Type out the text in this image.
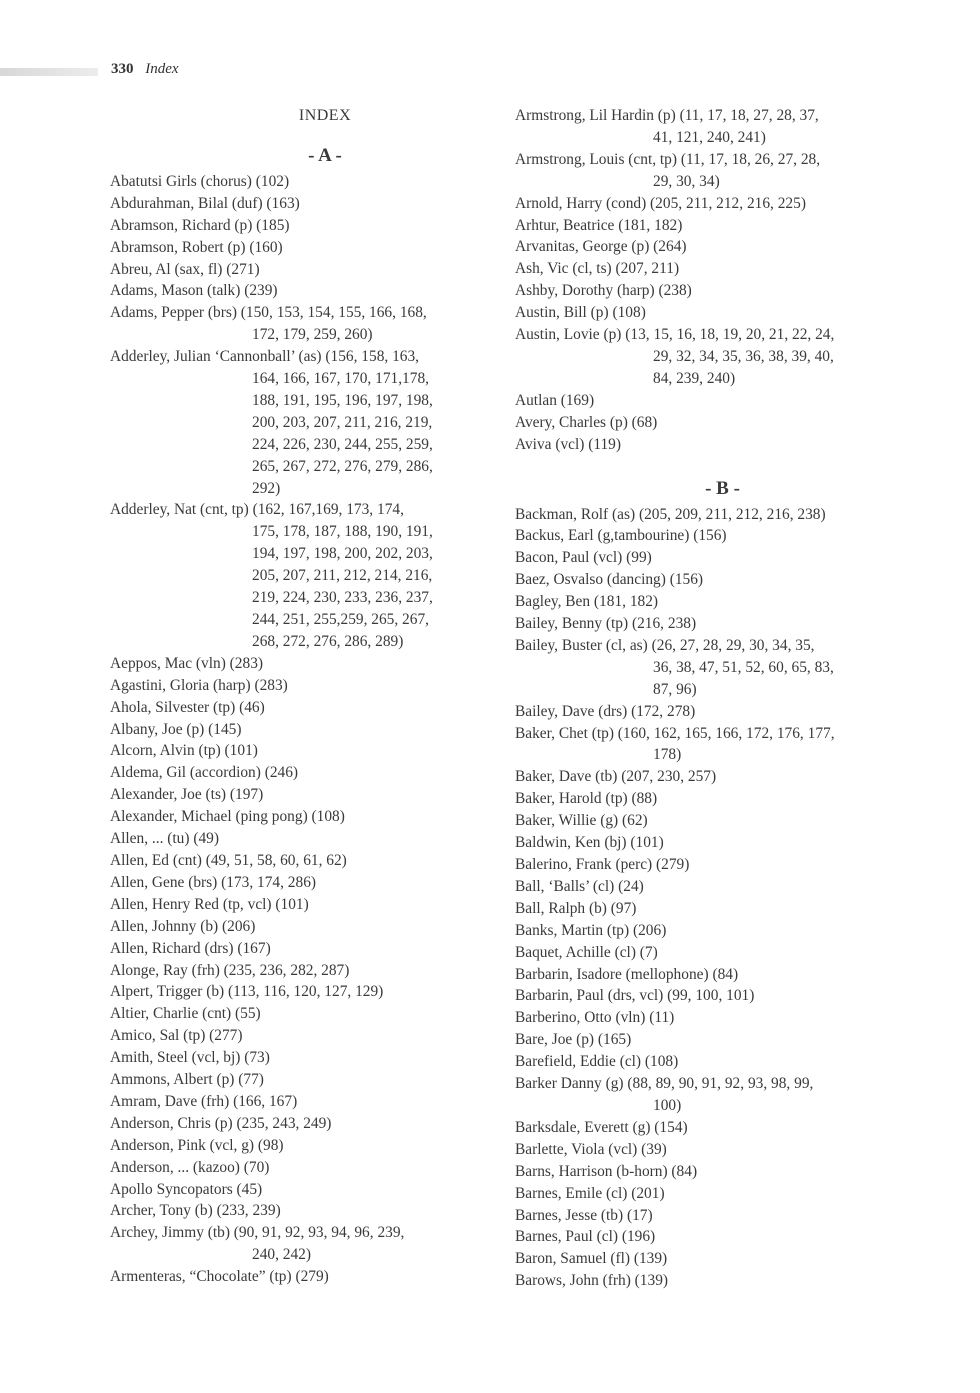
330 Index
INDEX
- A -
Abatutsi Girls (chorus) (102)
Abdurahman, Bilal (duf) (163)
Abramson, Richard (p) (185)
Abramson, Robert (p) (160)
Abreu, Al (sax, fl) (271)
Adams, Mason (talk) (239)
Adams, Pepper (brs) (150, 153, 154, 155, 166, 168,
172, 179, 259, 260)
Adderley, Julian ‘Cannonball’ (as) (156, 158, 163,
164, 166, 167, 170, 171,178,
188, 191, 195, 196, 197, 198,
200, 203, 207, 211, 216, 219,
224, 226, 230, 244, 255, 259,
265, 267, 272, 276, 279, 286,
292)
Adderley, Nat (cnt, tp) (162, 167,169, 173, 174,
175, 178, 187, 188, 190, 191,
194, 197, 198, 200, 202, 203,
205, 207, 211, 212, 214, 216,
219, 224, 230, 233, 236, 237,
244, 251, 255,259, 265, 267,
268, 272, 276, 286, 289)
Aeppos, Mac (vln) (283)
Agastini, Gloria (harp) (283)
Ahola, Silvester (tp) (46)
Albany, Joe (p) (145)
Alcorn, Alvin (tp) (101)
Aldema, Gil (accordion) (246)
Alexander, Joe (ts) (197)
Alexander, Michael (ping pong) (108)
Allen, ... (tu) (49)
Allen, Ed (cnt) (49, 51, 58, 60, 61, 62)
Allen, Gene (brs) (173, 174, 286)
Allen, Henry Red (tp, vcl) (101)
Allen, Johnny (b) (206)
Allen, Richard (drs) (167)
Alonge, Ray (frh) (235, 236, 282, 287)
Alpert, Trigger (b) (113, 116, 120, 127, 129)
Altier, Charlie (cnt) (55)
Amico, Sal (tp) (277)
Amith, Steel (vcl, bj) (73)
Ammons, Albert (p) (77)
Amram, Dave (frh) (166, 167)
Anderson, Chris (p) (235, 243, 249)
Anderson, Pink (vcl, g) (98)
Anderson, ... (kazoo) (70)
Apollo Syncopators (45)
Archer, Tony (b) (233, 239)
Archey, Jimmy (tb) (90, 91, 92, 93, 94, 96, 239,
240, 242)
Armenteras, “Chocolate” (tp) (279)
Armstrong, Lil Hardin (p) (11, 17, 18, 27, 28, 37,
41, 121, 240, 241)
Armstrong, Louis (cnt, tp) (11, 17, 18, 26, 27, 28,
29, 30, 34)
Arnold, Harry (cond) (205, 211, 212, 216, 225)
Arhtur, Beatrice (181, 182)
Arvanitas, George (p) (264)
Ash, Vic (cl, ts) (207, 211)
Ashby, Dorothy (harp) (238)
Austin, Bill (p) (108)
Austin, Lovie (p) (13, 15, 16, 18, 19, 20, 21, 22, 24,
29, 32, 34, 35, 36, 38, 39, 40,
84, 239, 240)
Autlan (169)
Avery, Charles (p) (68)
Aviva (vcl) (119)
- B -
Backman, Rolf (as) (205, 209, 211, 212, 216, 238)
Backus, Earl (g,tambourine) (156)
Bacon, Paul (vcl) (99)
Baez, Osvalso (dancing) (156)
Bagley, Ben (181, 182)
Bailey, Benny (tp) (216, 238)
Bailey, Buster (cl, as) (26, 27, 28, 29, 30, 34, 35,
36, 38, 47, 51, 52, 60, 65, 83,
87, 96)
Bailey, Dave (drs) (172, 278)
Baker, Chet (tp) (160, 162, 165, 166, 172, 176, 177,
178)
Baker, Dave (tb) (207, 230, 257)
Baker, Harold (tp) (88)
Baker, Willie (g) (62)
Baldwin, Ken (bj) (101)
Balerino, Frank (perc) (279)
Ball, ‘Balls’ (cl) (24)
Ball, Ralph (b) (97)
Banks, Martin (tp) (206)
Baquet, Achille (cl) (7)
Barbarin, Isadore (mellophone) (84)
Barbarin, Paul (drs, vcl) (99, 100, 101)
Barberino, Otto (vln) (11)
Bare, Joe (p) (165)
Barefield, Eddie (cl) (108)
Barker Danny (g) (88, 89, 90, 91, 92, 93, 98, 99,
100)
Barksdale, Everett (g) (154)
Barlette, Viola (vcl) (39)
Barns, Harrison (b-horn) (84)
Barnes, Emile (cl) (201)
Barnes, Jesse (tb) (17)
Barnes, Paul (cl) (196)
Baron, Samuel (fl) (139)
Barows, John (frh) (139)
